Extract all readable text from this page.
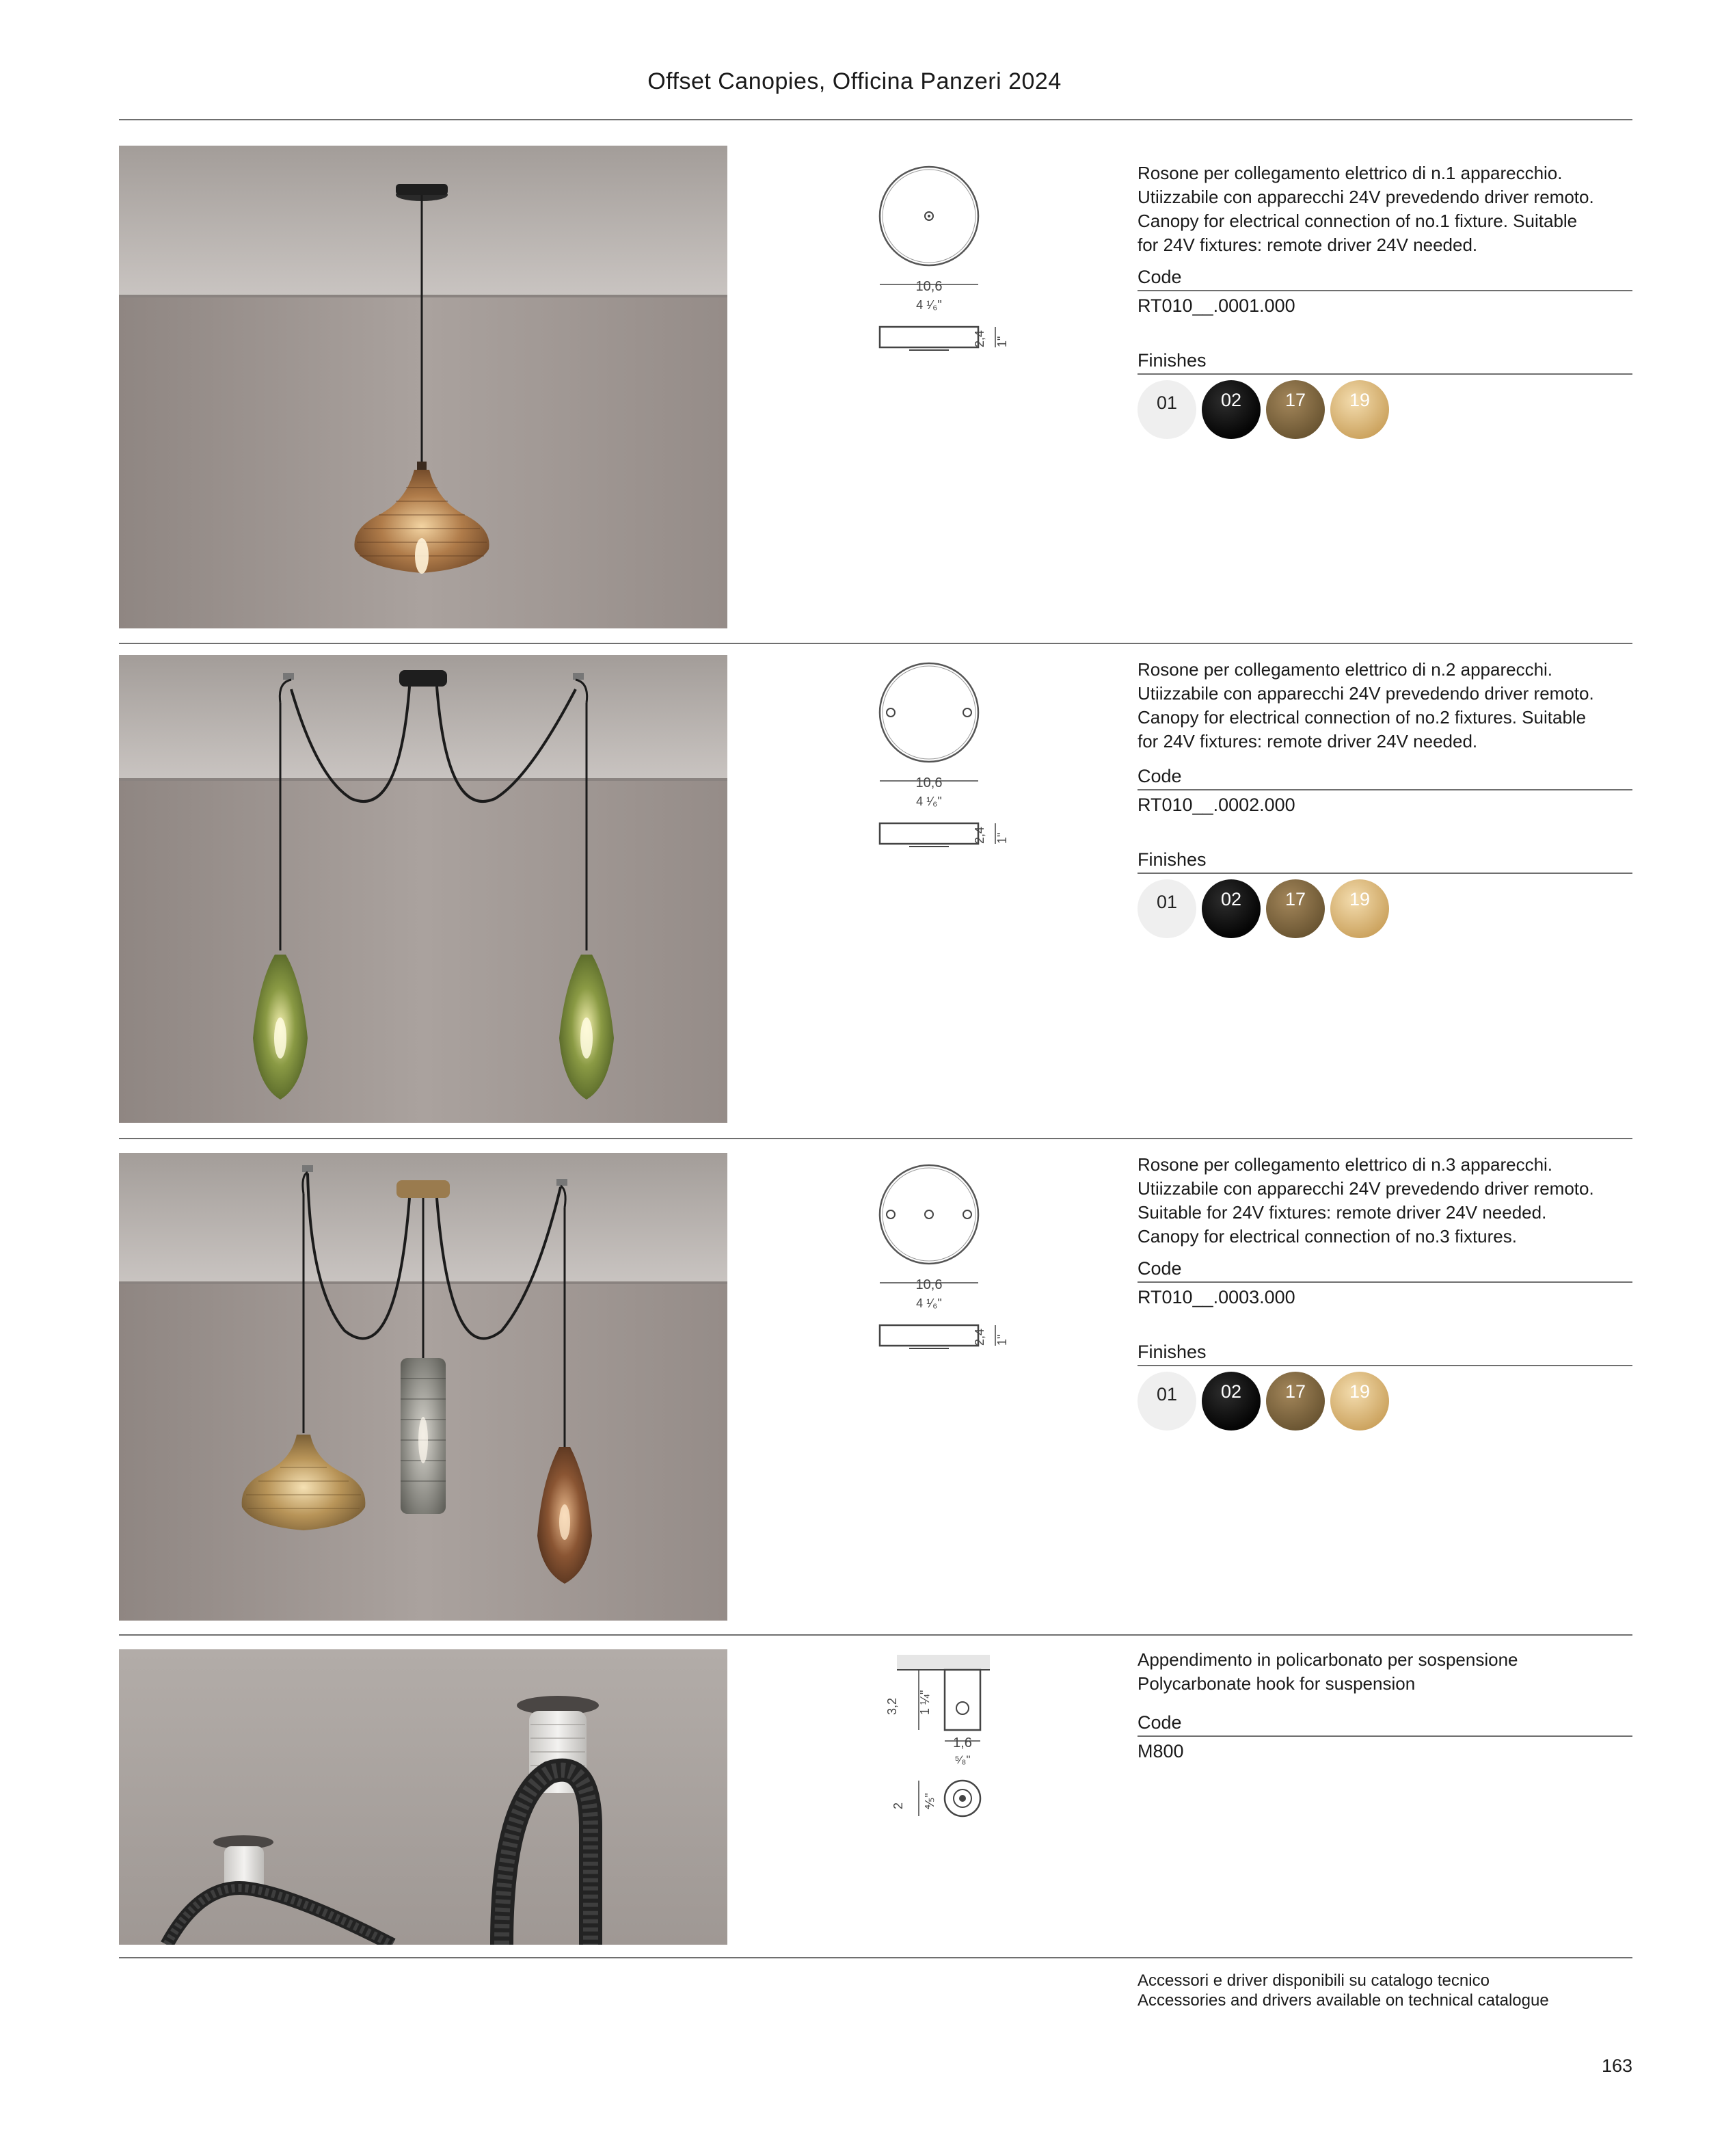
Offset Canopies, Officina Panzeri 2024
10,6
4 ¹⁄₆"
2,4 1"

Rosone per collegamento elettrico di n.1 apparecchio.

Utiizzabile con apparecchi 24V prevedendo driver remoto.

Canopy for electrical connection of no.1 fixture. Suitable

for 24V fixtures: remote driver 24V needed.

Code
RT010__.0001.000
Finishes
01	02	17	19
10,6
4 ¹⁄₆"
2,4 1"

Rosone per collegamento elettrico di n.2 apparecchi.

Utiizzabile con apparecchi 24V prevedendo driver remoto.

Canopy for electrical connection of no.2 fixtures. Suitable

for 24V fixtures: remote driver 24V needed.

Code
RT010__.0002.000
Finishes
01	02	17	19
10,6
4 ¹⁄₆"
2,4 1"

Rosone per collegamento elettrico di n.3 apparecchi.

Utiizzabile con apparecchi 24V prevedendo driver remoto.

Suitable for 24V fixtures: remote driver 24V needed.

Canopy for electrical connection of no.3 fixtures.

Code
RT010__.0003.000
Finishes
01	02	17	19
3,2	1 ¼"
1,6
⁵⁄₈"
2	⅘"

Appendimento in policarbonato per sospensione

Polycarbonate hook for suspension

Code
M800
Accessori e driver disponibili su catalogo tecnico
Accessories and drivers available on technical catalogue
163
